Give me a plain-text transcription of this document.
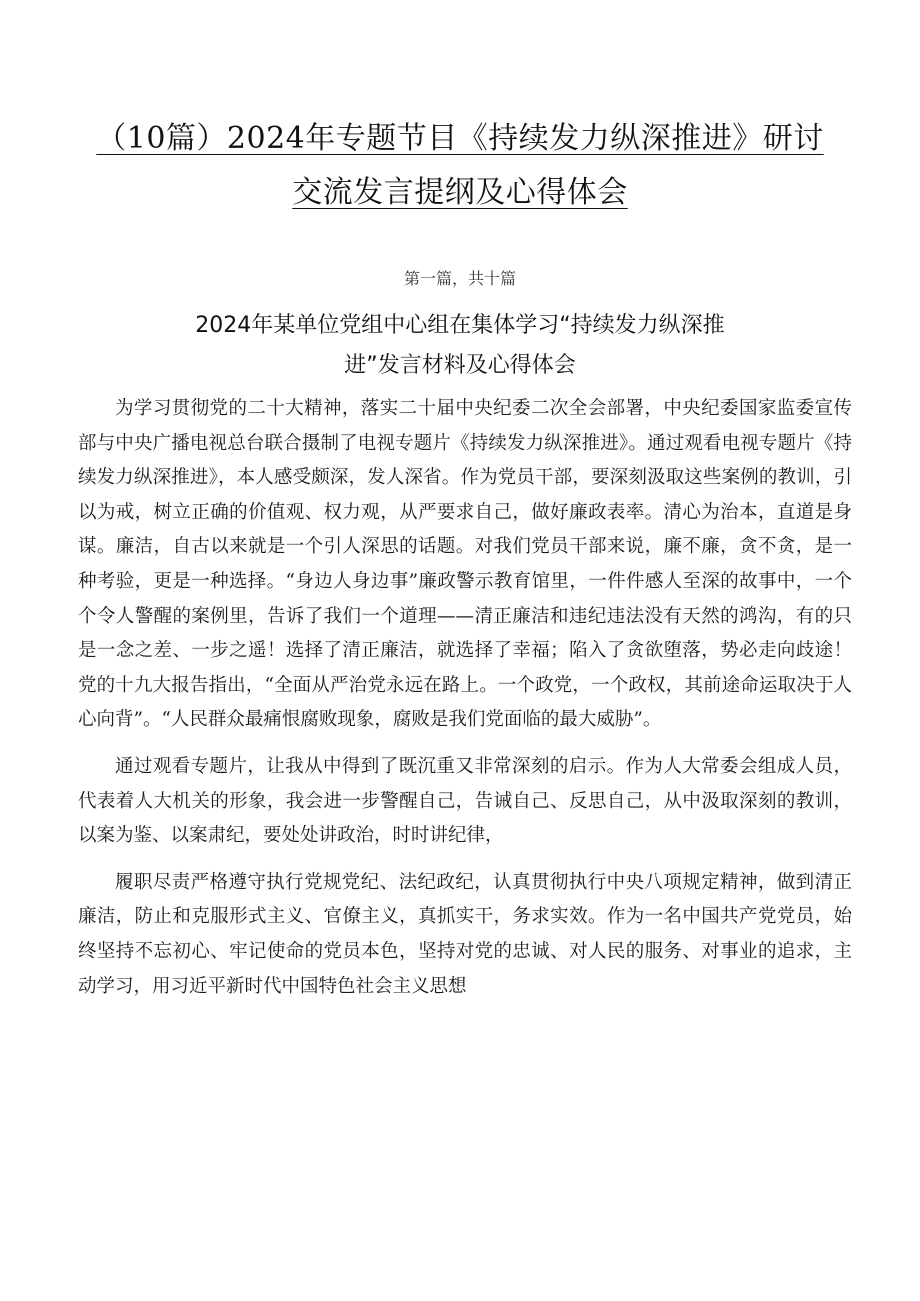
（10篇）2024年专题节目《持续发力纵深推进》研讨
交流发言提纲及心得体会
第一篇，共十篇
2024年某单位党组中心组在集体学习“持续发力纵深推
进”发言材料及心得体会

为学习贯彻党的二十大精神，落实二十届中央纪委二次全会部署，中央纪委国家监委宣传部与中央广播电视总台联合摄制了电视专题片《持续发力纵深推进》。通过观看电视专题片《持续发力纵深推进》，本人感受颇深，发人深省。作为党员干部，要深刻汲取这些案例的教训，引以为戒，树立正确的价值观、权力观，从严要求自己，做好廉政表率。清心为治本，直道是身谋。廉洁，自古以来就是一个引人深思的话题。对我们党员干部来说，廉不廉，贪不贪，是一种考验，更是一种选择。“身边人身边事”廉政警示教育馆里，一件件感人至深的故事中，一个个令人警醒的案例里，告诉了我们一个道理——清正廉洁和违纪违法没有天然的鸿沟，有的只是一念之差、一步之遥！选择了清正廉洁，就选择了幸福；陷入了贪欲堕落，势必走向歧途！党的十九大报告指出，“全面从严治党永远在路上。一个政党，一个政权，其前途命运取决于人心向背”。“人民群众最痛恨腐败现象，腐败是我们党面临的最大威胁”。

通过观看专题片，让我从中得到了既沉重又非常深刻的启示。作为人大常委会组成人员，代表着人大机关的形象，我会进一步警醒自己，告诫自己、反思自己，从中汲取深刻的教训，以案为鉴、以案肃纪，要处处讲政治，时时讲纪律，

履职尽责严格遵守执行党规党纪、法纪政纪，认真贯彻执行中央八项规定精神，做到清正廉洁，防止和克服形式主义、官僚主义，真抓实干，务求实效。作为一名中国共产党党员，始终坚持不忘初心、牢记使命的党员本色，坚持对党的忠诚、对人民的服务、对事业的追求，主动学习，用习近平新时代中国特色社会主义思想
